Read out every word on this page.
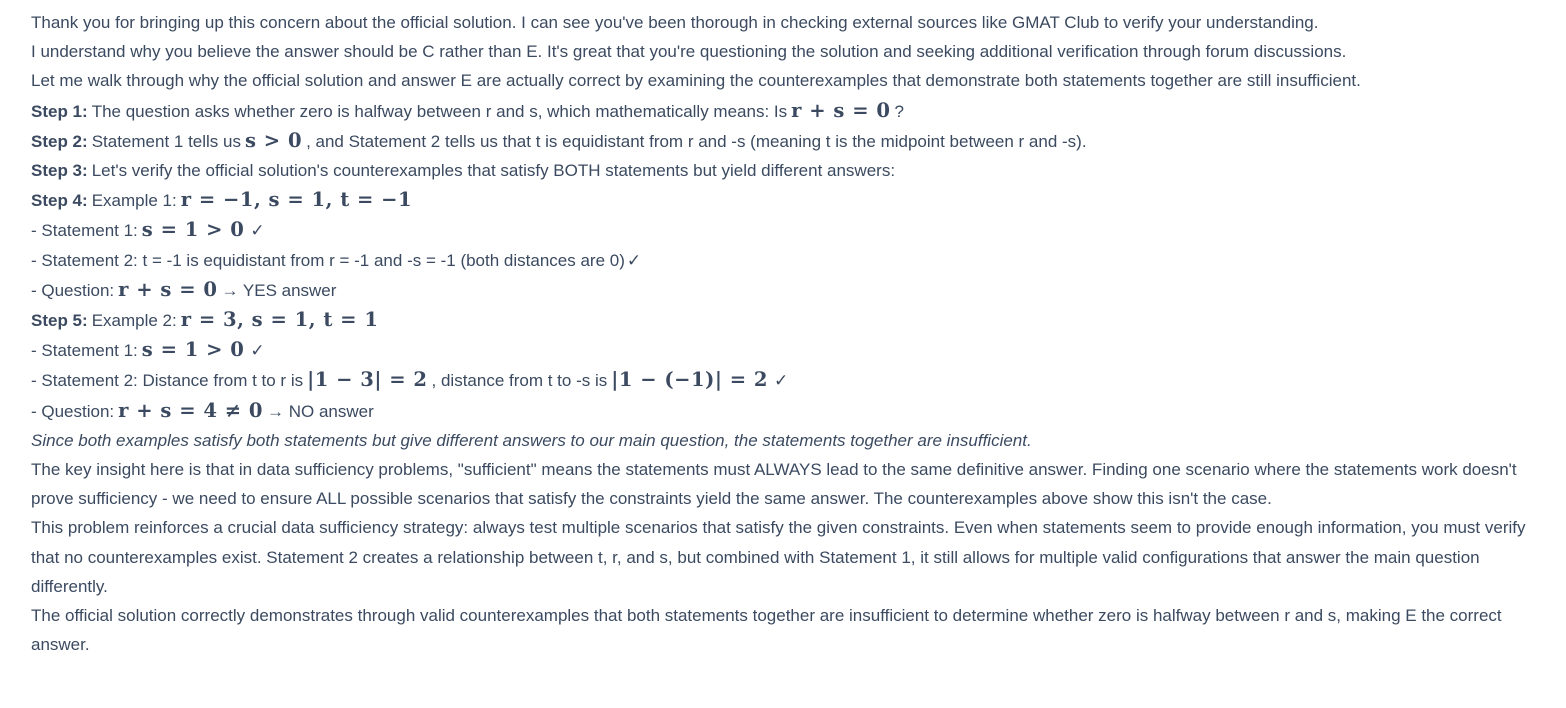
Thank you for bringing up this concern about the official solution. I can see you've been thorough in checking external sources like GMAT Club to verify your understanding.

I understand why you believe the answer should be C rather than E. It's great that you're questioning the solution and seeking additional verification through forum discussions.

Let me walk through why the official solution and answer E are actually correct by examining the counterexamples that demonstrate both statements together are still insufficient.

Step 1: The question asks whether zero is halfway between r and s, which mathematically means: Is r + s = 0 ?

Step 2: Statement 1 tells us s > 0 , and Statement 2 tells us that t is equidistant from r and -s (meaning t is the midpoint between r and -s).

Step 3: Let's verify the official solution's counterexamples that satisfy BOTH statements but yield different answers:

Step 4: Example 1: r = −1, s = 1, t = −1

- Statement 1: s = 1 > 0 ✓

- Statement 2: t = -1 is equidistant from r = -1 and -s = -1 (both distances are 0) ✓

- Question: r + s = 0 → YES answer

Step 5: Example 2: r = 3, s = 1, t = 1

- Statement 1: s = 1 > 0 ✓

- Statement 2: Distance from t to r is |1 − 3| = 2 , distance from t to -s is |1 − (−1)| = 2 ✓

- Question: r + s = 4 ≠ 0 → NO answer

Since both examples satisfy both statements but give different answers to our main question, the statements together are insufficient.

The key insight here is that in data sufficiency problems, "sufficient" means the statements must ALWAYS lead to the same definitive answer. Finding one scenario where the statements work doesn't prove sufficiency - we need to ensure ALL possible scenarios that satisfy the constraints yield the same answer. The counterexamples above show this isn't the case.

This problem reinforces a crucial data sufficiency strategy: always test multiple scenarios that satisfy the given constraints. Even when statements seem to provide enough information, you must verify that no counterexamples exist. Statement 2 creates a relationship between t, r, and s, but combined with Statement 1, it still allows for multiple valid configurations that answer the main question differently.

The official solution correctly demonstrates through valid counterexamples that both statements together are insufficient to determine whether zero is halfway between r and s, making E the correct answer.
